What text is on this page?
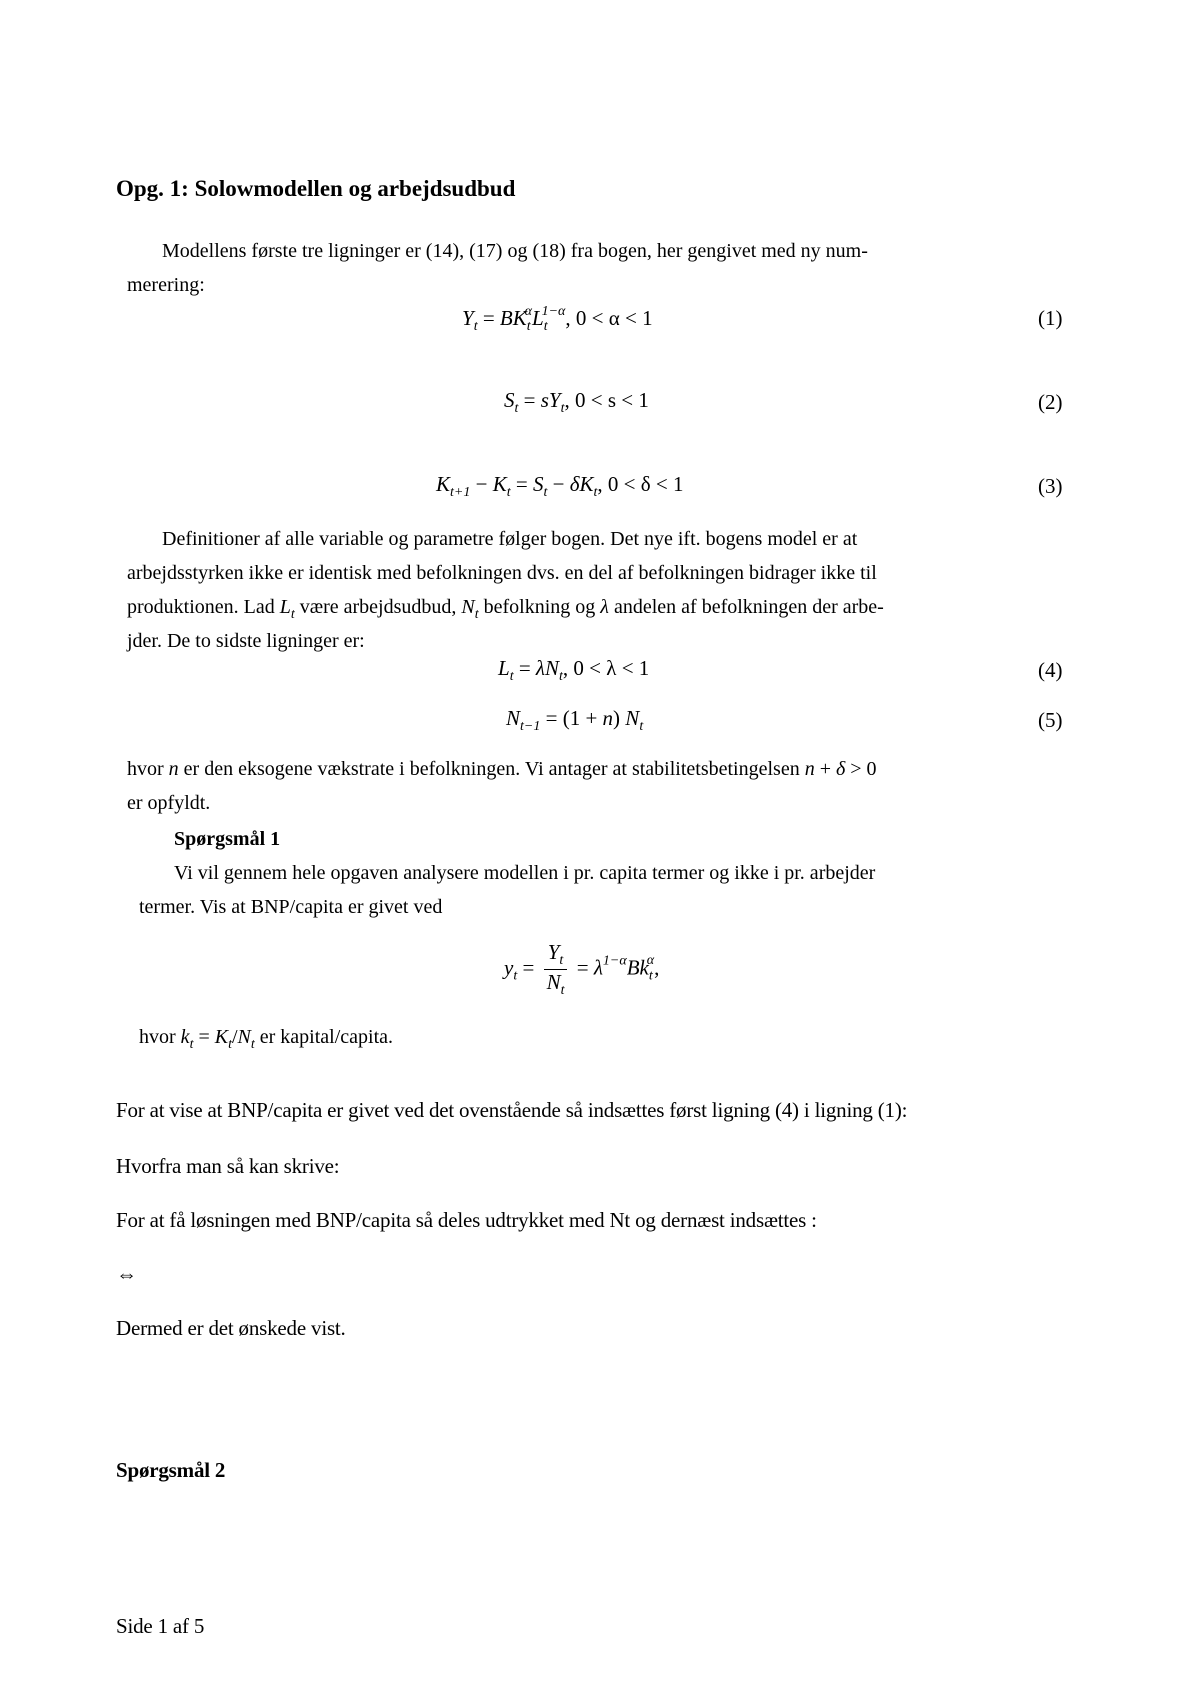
Opg. 1: Solowmodellen og arbejdsudbud
Modellens første tre ligninger er (14), (17) og (18) fra bogen, her gengivet med ny num-
merering:
$Y_t = BK_t^\alpha L_t^{1-\alpha}$, 0 < α < 1	(1)
$S_t = sY_t$, 0 < s < 1	(2)
$K_{t+1} - K_t = S_t - \delta K_t$, 0 < δ < 1	(3)
Definitioner af alle variable og parametre følger bogen. Det nye ift. bogens model er at
arbejdsstyrken ikke er identisk med befolkningen dvs. en del af befolkningen bidrager ikke til
produktionen. Lad $L_t$ være arbejdsudbud, $N_t$ befolkning og λ andelen af befolkningen der arbe-
jder. De to sidste ligninger er:
$L_t = \lambda N_t$, 0 < λ < 1	(4)
$N_{t-1} = (1 + n)$ $N_t$	(5)
hvor n er den eksogene vækstrate i befolkningen. Vi antager at stabilitetsbetingelsen n + δ > 0
er opfyldt.
Spørgsmål 1
Vi vil gennem hele opgaven analysere modellen i pr. capita termer og ikke i pr. arbejder
termer. Vis at BNP/capita er givet ved
$y_t = \frac{Y_t}{N_t} = \lambda^{1-\alpha}Bk_t^\alpha$,
hvor $k_t = K_t/N_t$ er kapital/capita.
For at vise at BNP/capita er givet ved det ovenstående så indsættes først ligning (4) i ligning (1):
Hvorfra man så kan skrive:
For at få løsningen med BNP/capita så deles udtrykket med Nt og dernæst indsættes :
⇔
Dermed er det ønskede vist.
Spørgsmål 2
Side 1 af 5
